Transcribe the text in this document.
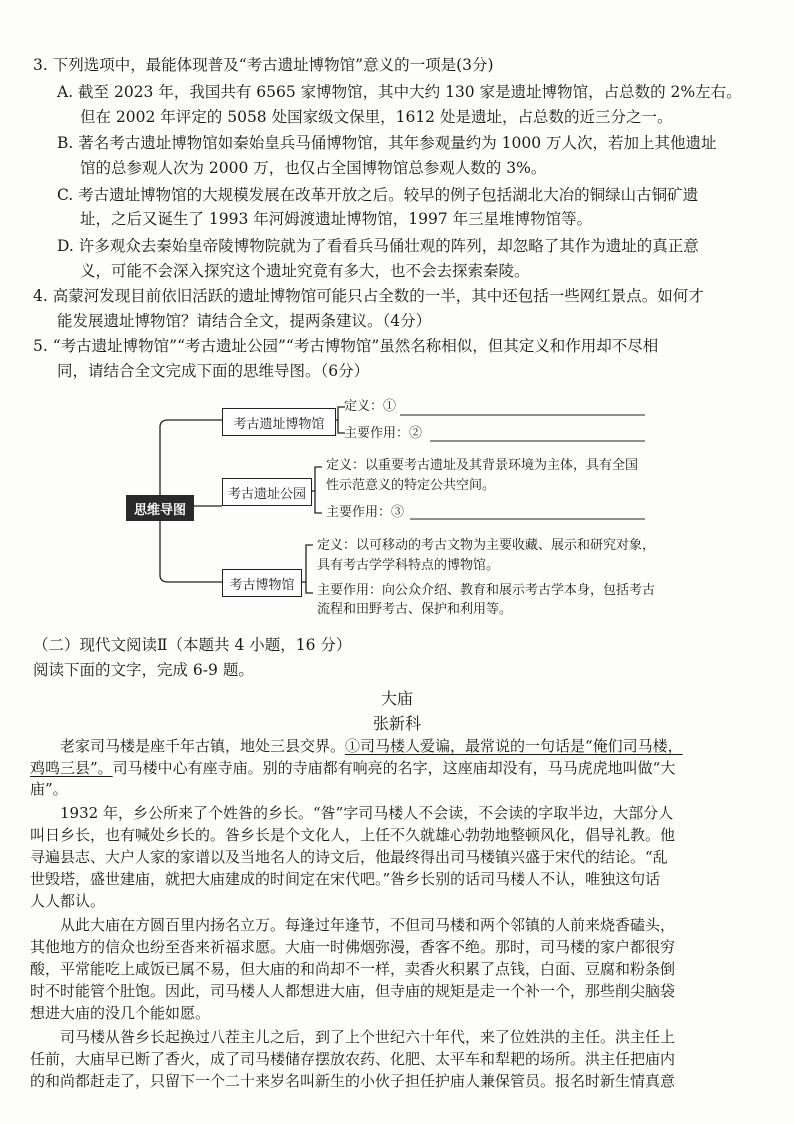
3. 下列选项中，最能体现普及“考古遗址博物馆”意义的一项是(3分)
A. 截至 2023 年，我国共有 6565 家博物馆，其中大约 130 家是遗址博物馆，占总数的 2%左右。
但在 2002 年评定的 5058 处国家级文保里，1612 处是遗址，占总数的近三分之一。
B. 著名考古遗址博物馆如秦始皇兵马俑博物馆，其年参观量约为 1000 万人次，若加上其他遗址
馆的总参观人次为 2000 万，也仅占全国博物馆总参观人数的 3%。
C. 考古遗址博物馆的大规模发展在改革开放之后。较早的例子包括湖北大冶的铜绿山古铜矿遗
址，之后又诞生了 1993 年河姆渡遗址博物馆，1997 年三星堆博物馆等。
D. 许多观众去秦始皇帝陵博物院就为了看看兵马俑壮观的阵列，却忽略了其作为遗址的真正意
义，可能不会深入探究这个遗址究竟有多大，也不会去探索秦陵。
4. 高蒙河发现目前依旧活跃的遗址博物馆可能只占全数的一半，其中还包括一些网红景点。如何才
能发展遗址博物馆？请结合全文，提两条建议。（4分）
5. “考古遗址博物馆”“考古遗址公园”“考古博物馆”虽然名称相似，但其定义和作用却不尽相
同，请结合全文完成下面的思维导图。（6分）
思维导图
考古遗址博物馆
定义：①
主要作用：②
考古遗址公园
定义：以重要考古遗址及其背景环境为主体，具有全国
性示范意义的特定公共空间。
主要作用：③
考古博物馆
定义：以可移动的考古文物为主要收藏、展示和研究对象，
具有考古学学科特点的博物馆。
主要作用：向公众介绍、教育和展示考古学本身，包括考古
流程和田野考古、保护和利用等。
（二）现代文阅读Ⅱ（本题共 4 小题，16 分）
阅读下面的文字，完成 6-9 题。
大庙
张新科
老家司马楼是座千年古镇，地处三县交界。①司马楼人爱谝，最常说的一句话是“俺们司马楼，
鸡鸣三县”。司马楼中心有座寺庙。别的寺庙都有响亮的名字，这座庙却没有，马马虎虎地叫做“大
庙”。
1932 年，乡公所来了个姓昝的乡长。“昝”字司马楼人不会读，不会读的字取半边，大部分人
叫日乡长，也有喊处乡长的。昝乡长是个文化人，上任不久就雄心勃勃地整顿风化，倡导礼教。他
寻遍县志、大户人家的家谱以及当地名人的诗文后，他最终得出司马楼镇兴盛于宋代的结论。“乱
世毁塔，盛世建庙，就把大庙建成的时间定在宋代吧。”昝乡长别的话司马楼人不认，唯独这句话
人人都认。
从此大庙在方圆百里内扬名立万。每逢过年逢节，不但司马楼和两个邻镇的人前来烧香磕头，
其他地方的信众也纷至沓来祈福求愿。大庙一时佛烟弥漫，香客不绝。那时，司马楼的家户都很穷
酸，平常能吃上咸饭已属不易，但大庙的和尚却不一样，卖香火积累了点钱，白面、豆腐和粉条倒
时不时能管个肚饱。因此，司马楼人人都想进大庙，但寺庙的规矩是走一个补一个，那些削尖脑袋
想进大庙的没几个能如愿。
司马楼从昝乡长起换过八茬主儿之后，到了上个世纪六十年代，来了位姓洪的主任。洪主任上
任前，大庙早已断了香火，成了司马楼储存摆放农药、化肥、太平车和犁耙的场所。洪主任把庙内
的和尚都赶走了，只留下一个二十来岁名叫新生的小伙子担任护庙人兼保管员。报名时新生情真意
